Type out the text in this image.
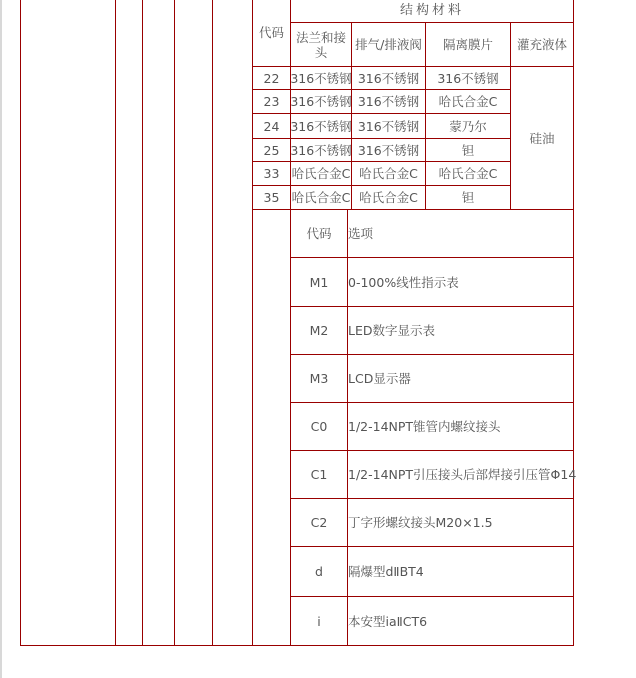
代码
结构材料
法兰和接头	排气/排液阀	隔离膜片	灌充液体
22 316不锈钢 316不锈钢	316不锈钢
23 316不锈钢 316不锈钢	哈氏合金C
24 316不锈钢 316不锈钢	蒙乃尔
25 316不锈钢 316不锈钢	钽
33 哈氏合金C 哈氏合金C	哈氏合金C
35 哈氏合金C 哈氏合金C	钽
硅油
代码	选项
M1	0-100%线性指示表
M2	LED数字显示表
M3	LCD显示器
C0	1/2-14NPT锥管内螺纹接头
C1	1/2-14NPT引压接头后部焊接引压管Φ14
C2	丁字形螺纹接头M20×1.5
d	隔爆型dⅡBT4
i	本安型iaⅡCT6
